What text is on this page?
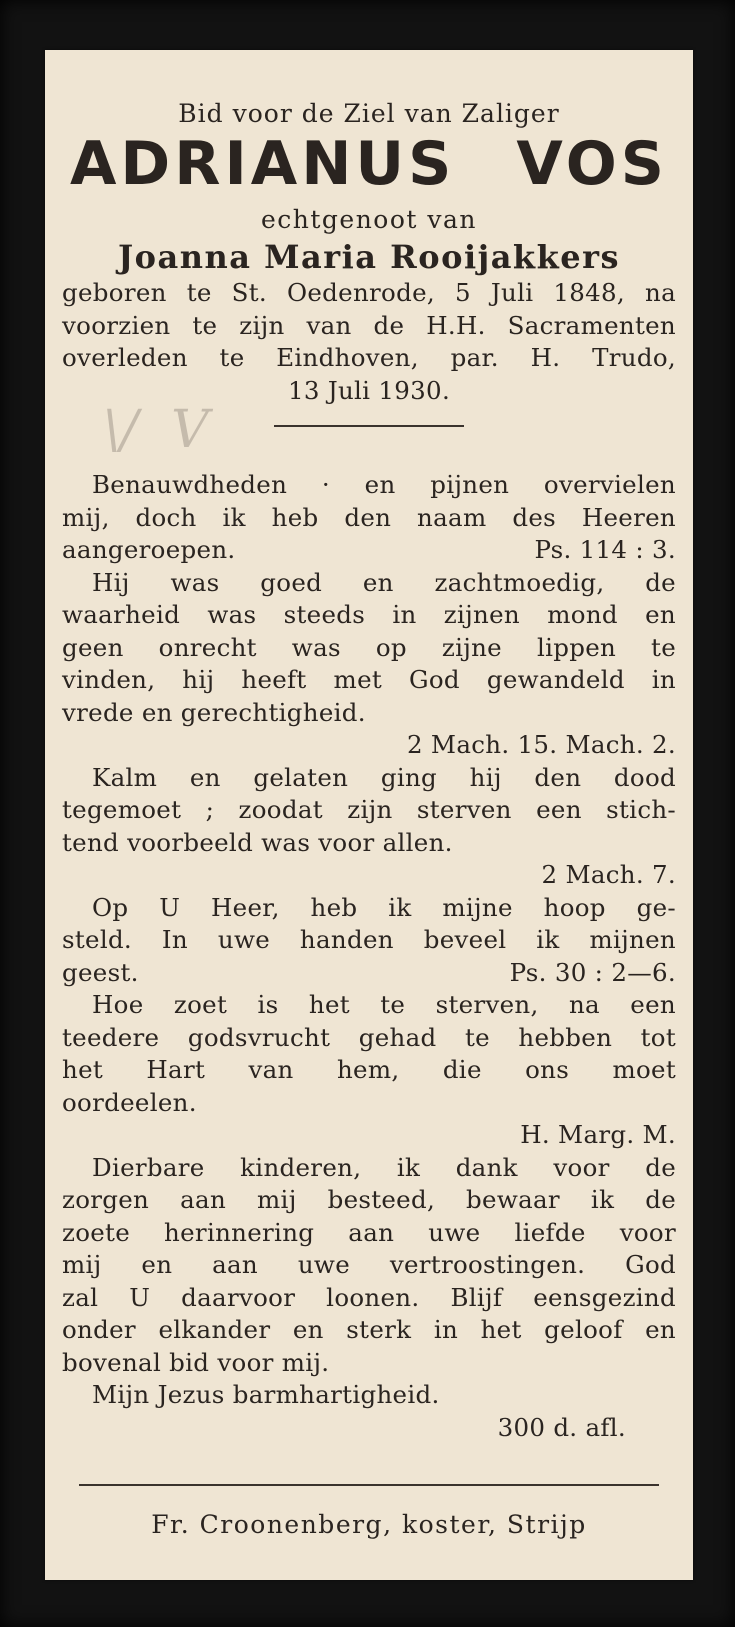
\/  V
Bid voor de Ziel van Zaliger
ADRIANUS VOS
echtgenoot van
Joanna Maria Rooijakkers
geboren te St. Oedenrode, 5 Juli 1848, na
voorzien te zijn van de H.H. Sacramenten
overleden te Eindhoven, par. H. Trudo,
13 Juli 1930.
Benauwdheden · en pijnen overvielen
mij, doch ik heb den naam des Heeren
aangeroepen.	Ps. 114 : 3.
Hij was goed en zachtmoedig, de
waarheid was steeds in zijnen mond en
geen onrecht was op zijne lippen te
vinden, hij heeft met God gewandeld in
vrede en gerechtigheid.
2 Mach. 15. Mach. 2.
Kalm en gelaten ging hij den dood
tegemoet ; zoodat zijn sterven een stich-
tend voorbeeld was voor allen.
2 Mach. 7.
Op U Heer, heb ik mijne hoop ge-
steld. In uwe handen beveel ik mijnen
geest.	Ps. 30 : 2—6.
Hoe zoet is het te sterven, na een
teedere godsvrucht gehad te hebben tot
het Hart van hem, die ons moet
oordeelen.
H. Marg. M.
Dierbare kinderen, ik dank voor de
zorgen aan mij besteed, bewaar ik de
zoete herinnering aan uwe liefde voor
mij en aan uwe vertroostingen. God
zal U daarvoor loonen. Blijf eensgezind
onder elkander en sterk in het geloof en
bovenal bid voor mij.
Mijn Jezus barmhartigheid.
300 d. afl.
Fr. Croonenberg, koster, Strijp
